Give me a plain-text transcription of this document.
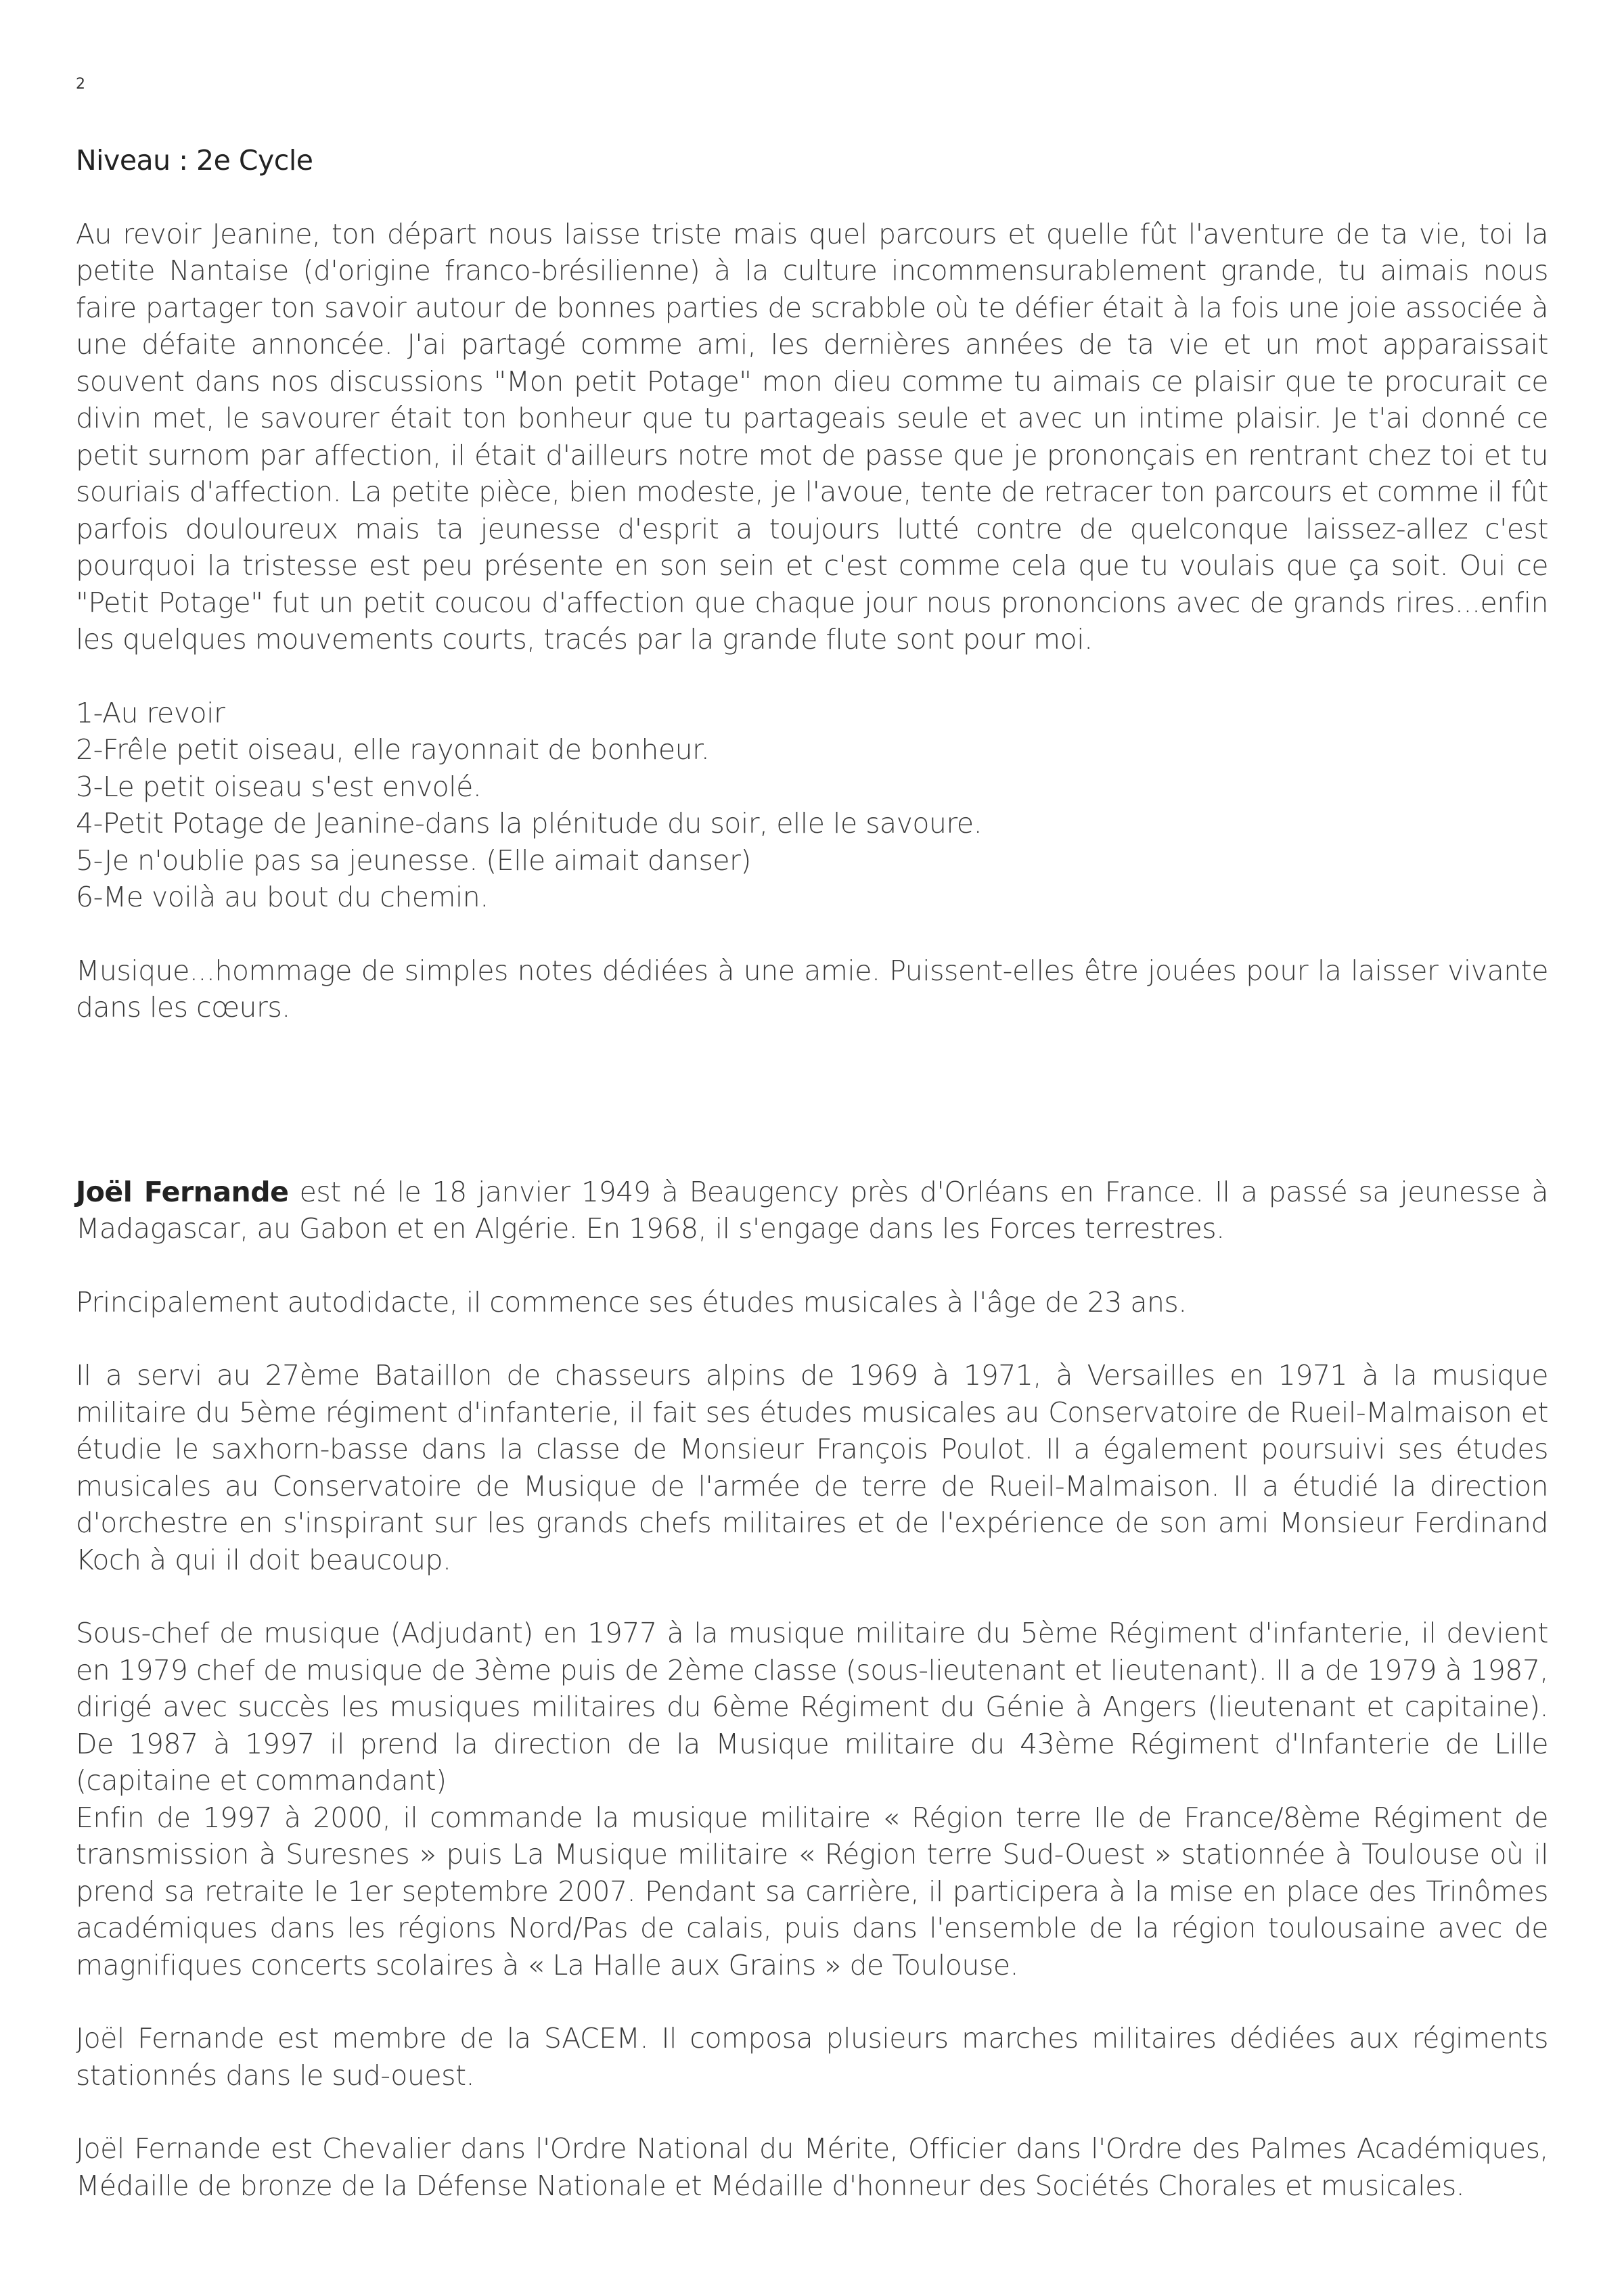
2

Niveau : 2e Cycle

Au revoir Jeanine, ton départ nous laisse triste mais quel parcours et quelle fût l'aventure de ta vie, toi la petite Nantaise (d'origine franco-brésilienne) à la culture incommensurablement grande, tu aimais nous faire partager ton savoir autour de bonnes parties de scrabble où te défier était à la fois une joie associée à une défaite annoncée. J'ai partagé comme ami, les dernières années de ta vie et un mot apparaissait souvent dans nos discussions "Mon petit Potage" mon dieu comme tu aimais ce plaisir que te procurait ce divin met, le savourer était ton bonheur que tu partageais seule et avec un intime plaisir. Je t'ai donné ce petit surnom par affection, il était d'ailleurs notre mot de passe que je prononçais en rentrant chez toi et tu souriais d'affection. La petite pièce, bien modeste, je l'avoue, tente de retracer ton parcours et comme il fût parfois douloureux mais ta jeunesse d'esprit a toujours lutté contre de quelconque laissez-allez c'est pourquoi la tristesse est peu présente en son sein et c'est comme cela que tu voulais que ça soit. Oui ce "Petit Potage" fut un petit coucou d'affection que chaque jour nous prononcions avec de grands rires...enfin les quelques mouvements courts, tracés par la grande flute sont pour moi.

1-Au revoir
2-Frêle petit oiseau, elle rayonnait de bonheur.
3-Le petit oiseau s'est envolé.
4-Petit Potage de Jeanine-dans la plénitude du soir, elle le savoure.
5-Je n'oublie pas sa jeunesse. (Elle aimait danser)
6-Me voilà au bout du chemin.

Musique...hommage de simples notes dédiées à une amie. Puissent-elles être jouées pour la laisser vivante dans les cœurs.

Joël Fernande est né le 18 janvier 1949 à Beaugency près d'Orléans en France. Il a passé sa jeunesse à Madagascar, au Gabon et en Algérie. En 1968, il s'engage dans les Forces terrestres.

Principalement autodidacte, il commence ses études musicales à l'âge de 23 ans.

Il a servi au 27ème Bataillon de chasseurs alpins de 1969 à 1971, à Versailles en 1971 à la musique militaire du 5ème régiment d'infanterie, il fait ses études musicales au Conservatoire de Rueil-Malmaison et étudie le saxhorn-basse dans la classe de Monsieur François Poulot. Il a également poursuivi ses études musicales au Conservatoire de Musique de l'armée de terre de Rueil-Malmaison. Il a étudié la direction d'orchestre en s'inspirant sur les grands chefs militaires et de l'expérience de son ami Monsieur Ferdinand Koch à qui il doit beaucoup.

Sous-chef de musique (Adjudant) en 1977 à la musique militaire du 5ème Régiment d'infanterie, il devient en 1979 chef de musique de 3ème puis de 2ème classe (sous-lieutenant et lieutenant). Il a de 1979 à 1987, dirigé avec succès les musiques militaires du 6ème Régiment du Génie à Angers (lieutenant et capitaine). De 1987 à 1997 il prend la direction de la Musique militaire du 43ème Régiment d'Infanterie de Lille (capitaine et commandant)

Enfin de 1997 à 2000, il commande la musique militaire « Région terre Ile de France/8ème Régiment de transmission à Suresnes » puis La Musique militaire « Région terre Sud-Ouest » stationnée à Toulouse où il prend sa retraite le 1er septembre 2007. Pendant sa carrière, il participera à la mise en place des Trinômes académiques dans les régions Nord/Pas de calais, puis dans l'ensemble de la région toulousaine avec de magnifiques concerts scolaires à « La Halle aux Grains » de Toulouse.

Joël Fernande est membre de la SACEM. Il composa plusieurs marches militaires dédiées aux régiments stationnés dans le sud-ouest.

Joël Fernande est Chevalier dans l'Ordre National du Mérite, Officier dans l'Ordre des Palmes Académiques, Médaille de bronze de la Défense Nationale et Médaille d'honneur des Sociétés Chorales et musicales.
